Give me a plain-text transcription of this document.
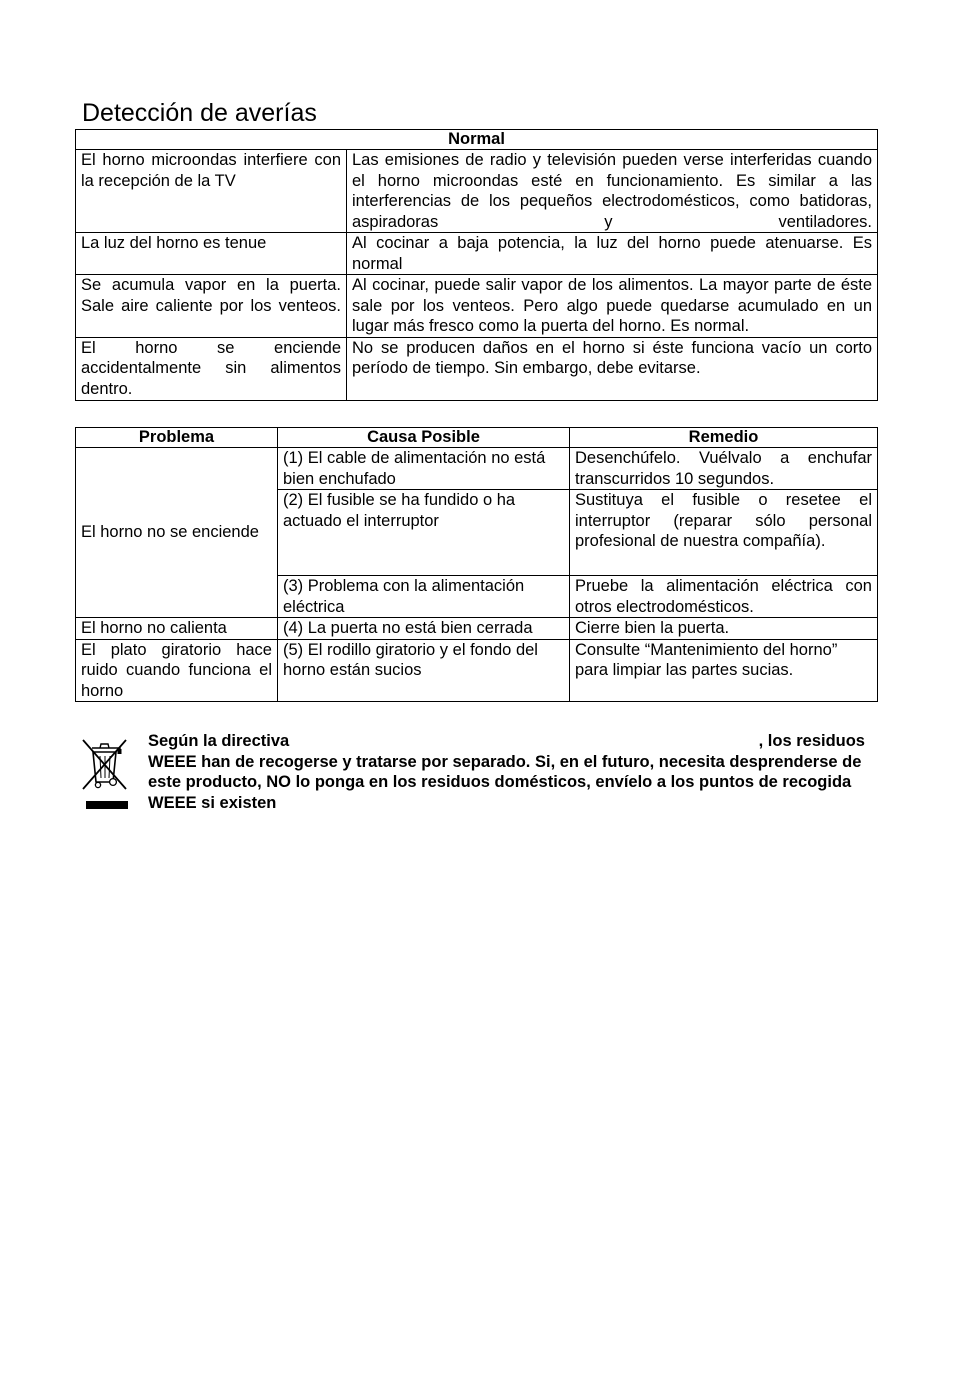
Detección de averías
Normal	
El horno microondas interfiere con la recepción de la TV	Las emisiones de radio y televisión pueden verse interferidas cuando el horno microondas esté en funcionamiento. Es similar a las interferencias de los pequeños electrodomésticos, como batidoras, aspiradoras y ventiladores.
La luz del horno es tenue	Al cocinar a baja potencia, la luz del horno puede atenuarse. Es normal
Se acumula vapor en la puerta. Sale aire caliente por los venteos.	Al cocinar, puede salir vapor de los alimentos. La mayor parte de éste sale por los venteos. Pero algo puede quedarse acumulado en un lugar más fresco como la puerta del horno. Es normal.
El horno se enciende accidentalmente sin alimentos dentro.	No se producen daños en el horno si éste funciona vacío un corto período de tiempo. Sin embargo, debe evitarse.
Problema	Causa Posible	Remedio
El horno no se enciende	(1) El cable de alimentación no está bien enchufado	Desenchúfelo. Vuélvalo a enchufar transcurridos 10 segundos.
	(2) El fusible se ha fundido o ha actuado el interruptor	Sustituya el fusible o resetee el interruptor (reparar sólo personal profesional de nuestra compañía).
	(3) Problema con la alimentación eléctrica	Pruebe la alimentación eléctrica con otros electrodomésticos.
El horno no calienta	(4) La puerta no está bien cerrada	Cierre bien la puerta.
El plato giratorio hace ruido cuando funciona el horno	(5) El rodillo giratorio y el fondo del horno están sucios	Consulte “Mantenimiento del horno”
para limpiar las partes sucias.
Según la directiva	, los residuos
WEEE han de recogerse y tratarse por separado. Si, en el futuro, necesita desprenderse de este producto, NO lo ponga en los residuos domésticos, envíelo a los puntos de recogida WEEE si existen
